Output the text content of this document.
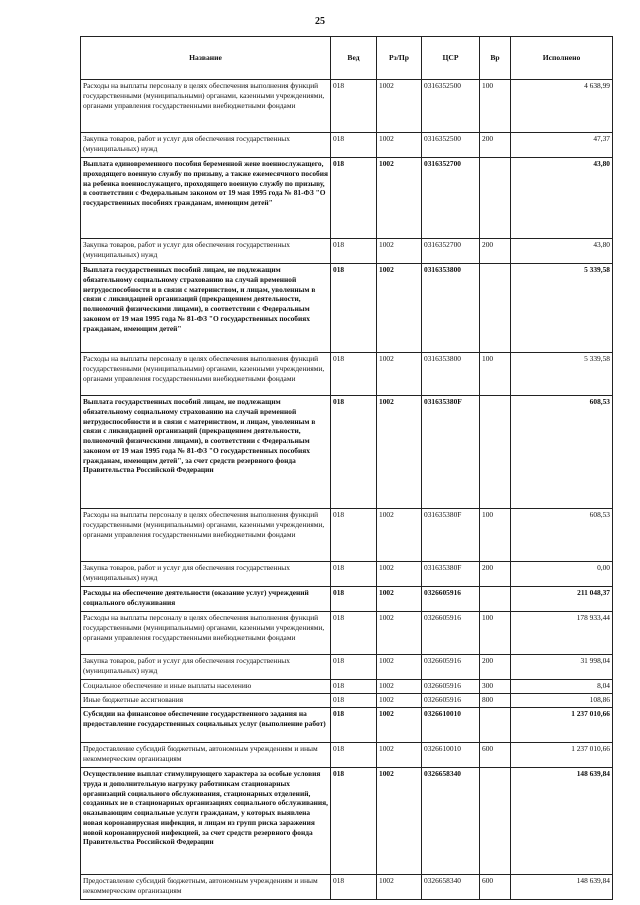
25
Название	Вед	Рз/Пр	ЦСР	Вр	Исполнено
Расходы на выплаты персоналу в целях обеспечения выполнения функций государственными (муниципальными) органами, казенными учреждениями, органами управления государственными внебюджетными фондами	018	1002	0316352500	100	4 638,99
Закупка товаров, работ и услуг для обеспечения государственных (муниципальных) нужд	018	1002	0316352500	200	47,37
Выплата единовременного пособия беременной жене военнослужащего, проходящего военную службу по призыву, а также ежемесячного пособия на ребенка военнослужащего, проходящего военную службу по призыву, в соответствии с Федеральным законом от 19 мая 1995 года № 81-ФЗ "О государственных пособиях гражданам, имеющим детей"	018	1002	0316352700		43,80
Закупка товаров, работ и услуг для обеспечения государственных (муниципальных) нужд	018	1002	0316352700	200	43,80
Выплата государственных пособий лицам, не подлежащим обязательному социальному страхованию на случай временной нетрудоспособности и в связи с материнством, и лицам, уволенным в связи с ликвидацией организаций (прекращением деятельности, полномочий физическими лицами), в соответствии с Федеральным законом от 19 мая 1995 года № 81-ФЗ "О государственных пособиях гражданам, имеющим детей"	018	1002	0316353800		5 339,58
Расходы на выплаты персоналу в целях обеспечения выполнения функций государственными (муниципальными) органами, казенными учреждениями, органами управления государственными внебюджетными фондами	018	1002	0316353800	100	5 339,58
Выплата государственных пособий лицам, не подлежащим обязательному социальному страхованию на случай временной нетрудоспособности и в связи с материнством, и лицам, уволенным в связи с ликвидацией организаций (прекращением деятельности, полномочий физическими лицами), в соответствии с Федеральным законом от 19 мая 1995 года № 81-ФЗ "О государственных пособиях гражданам, имеющим детей", за счет средств резервного фонда Правительства Российской Федерации	018	1002	031635380F		608,53
Расходы на выплаты персоналу в целях обеспечения выполнения функций государственными (муниципальными) органами, казенными учреждениями, органами управления государственными внебюджетными фондами	018	1002	031635380F	100	608,53
Закупка товаров, работ и услуг для обеспечения государственных (муниципальных) нужд	018	1002	031635380F	200	0,00
Расходы на обеспечение деятельности (оказание услуг) учреждений социального обслуживания	018	1002	0326605916		211 048,37
Расходы на выплаты персоналу в целях обеспечения выполнения функций государственными (муниципальными) органами, казенными учреждениями, органами управления государственными внебюджетными фондами	018	1002	0326605916	100	178 933,44
Закупка товаров, работ и услуг для обеспечения государственных (муниципальных) нужд	018	1002	0326605916	200	31 998,04
Социальное обеспечение и иные выплаты населению	018	1002	0326605916	300	8,04
Иные бюджетные ассигнования	018	1002	0326605916	800	108,86
Субсидии на финансовое обеспечение государственного задания на предоставление государственных социальных услуг (выполнение работ)	018	1002	0326610010		1 237 010,66
Предоставление субсидий бюджетным, автономным учреждениям и иным некоммерческим организациям	018	1002	0326610010	600	1 237 010,66
Осуществление выплат стимулирующего характера за особые условия труда и дополнительную нагрузку работникам стационарных организаций социального обслуживания, стационарных отделений, созданных не в стационарных организациях социального обслуживания, оказывающим социальные услуги гражданам, у которых выявлена новая коронавирусная инфекция, и лицам из групп риска заражения новой коронавирусной инфекцией, за счет средств резервного фонда Правительства Российской Федерации	018	1002	0326658340		148 639,84
Предоставление субсидий бюджетным, автономным учреждениям и иным некоммерческим организациям	018	1002	0326658340	600	148 639,84
